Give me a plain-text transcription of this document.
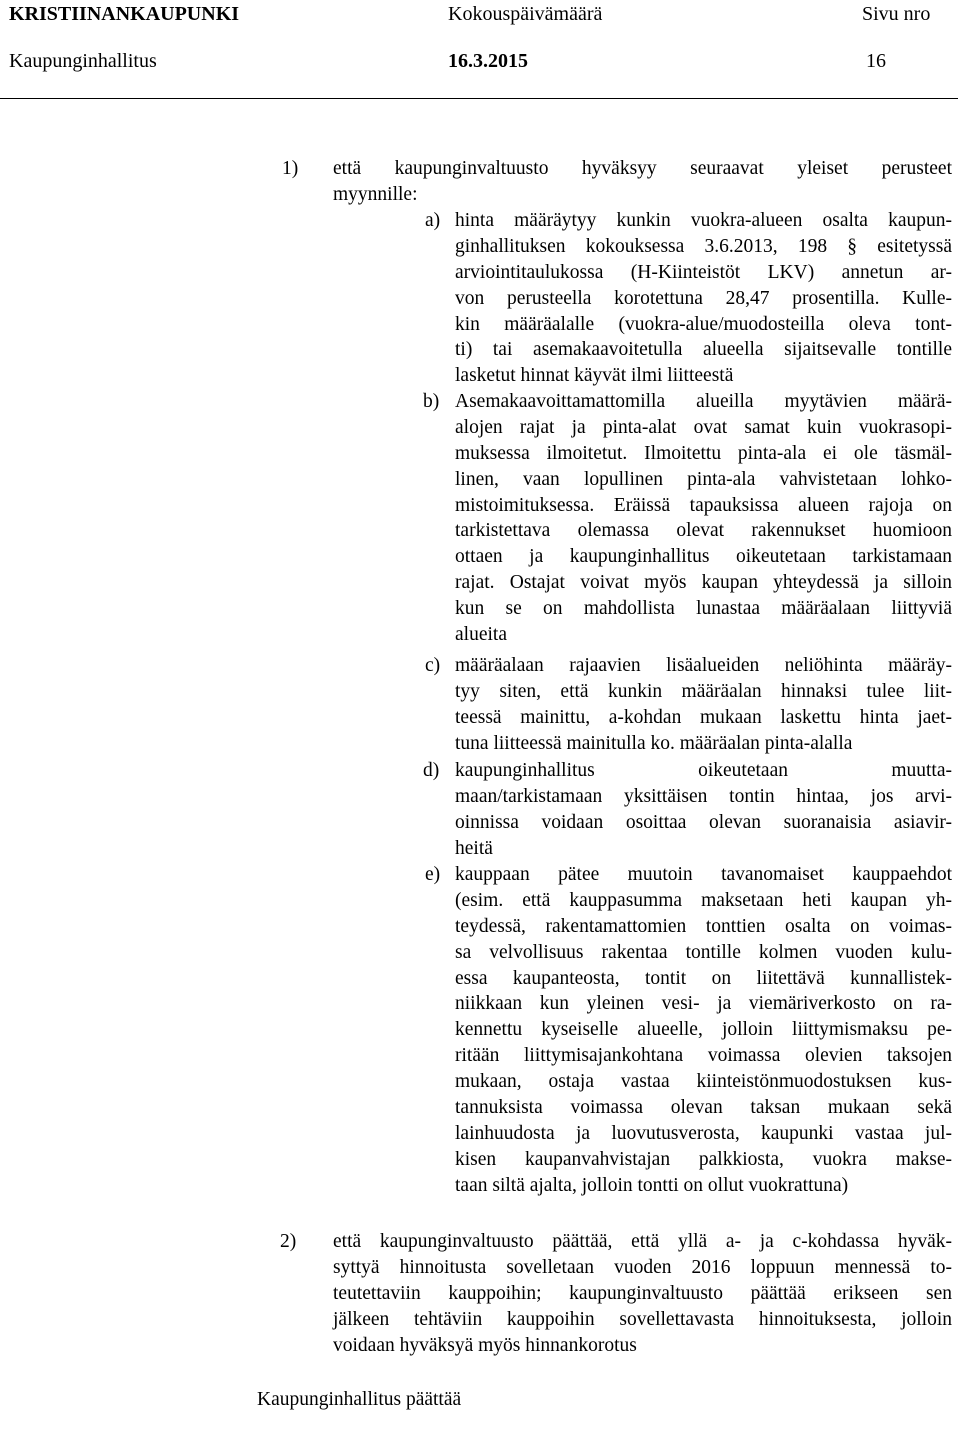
KRISTIINANKAUPUNKI	Kokouspäivämäärä	Sivu nro
Kaupunginhallitus	16.3.2015	16
1) että kaupunginvaltuusto hyväksyy seuraavat yleiset perusteet
myynnille:
a) hinta määräytyy kunkin vuokra-alueen osalta kaupun-
ginhallituksen kokouksessa 3.6.2013, 198 § esitetyssä
arviointitaulukossa (H-Kiinteistöt LKV) annetun ar-
von perusteella korotettuna 28,47 prosentilla. Kulle-
kin määräalalle (vuokra-alue/muodosteilla oleva tont-
ti) tai asemakaavoitetulla alueella sijaitsevalle tontille
lasketut hinnat käyvät ilmi liitteestä
b) Asemakaavoittamattomilla alueilla myytävien määrä-
alojen rajat ja pinta-alat ovat samat kuin vuokrasopi-
muksessa ilmoitetut. Ilmoitettu pinta-ala ei ole täsmäl-
linen, vaan lopullinen pinta-ala vahvistetaan lohko-
mistoimituksessa. Eräissä tapauksissa alueen rajoja on
tarkistettava olemassa olevat rakennukset huomioon
ottaen ja kaupunginhallitus oikeutetaan tarkistamaan
rajat. Ostajat voivat myös kaupan yhteydessä ja silloin
kun se on mahdollista lunastaa määräalaan liittyviä
alueita
c) määräalaan rajaavien lisäalueiden neliöhinta määräy-
tyy siten, että kunkin määräalan hinnaksi tulee liit-
teessä mainittu, a-kohdan mukaan laskettu hinta jaet-
tuna liitteessä mainitulla ko. määräalan pinta-alalla
d) kaupunginhallitus oikeutetaan muutta-
maan/tarkistamaan yksittäisen tontin hintaa, jos arvi-
oinnissa voidaan osoittaa olevan suoranaisia asiavir-
heitä
e) kauppaan pätee muutoin tavanomaiset kauppaehdot
(esim. että kauppasumma maksetaan heti kaupan yh-
teydessä, rakentamattomien tonttien osalta on voimas-
sa velvollisuus rakentaa tontille kolmen vuoden kulu-
essa kaupanteosta, tontit on liitettävä kunnallistek-
niikkaan kun yleinen vesi- ja viemäriverkosto on ra-
kennettu kyseiselle alueelle, jolloin liittymismaksu pe-
ritään liittymisajankohtana voimassa olevien taksojen
mukaan, ostaja vastaa kiinteistönmuodostuksen kus-
tannuksista voimassa olevan taksan mukaan sekä
lainhuudosta ja luovutusverosta, kaupunki vastaa jul-
kisen kaupanvahvistajan palkkiosta, vuokra makse-
taan siltä ajalta, jolloin tontti on ollut vuokrattuna)
2) että kaupunginvaltuusto päättää, että yllä a- ja c-kohdassa hyväk-
syttyä hinnoitusta sovelletaan vuoden 2016 loppuun mennessä to-
teutettaviin kauppoihin; kaupunginvaltuusto päättää erikseen sen
jälkeen tehtäviin kauppoihin sovellettavasta hinnoituksesta, jolloin
voidaan hyväksyä myös hinnankorotus
Kaupunginhallitus päättää
